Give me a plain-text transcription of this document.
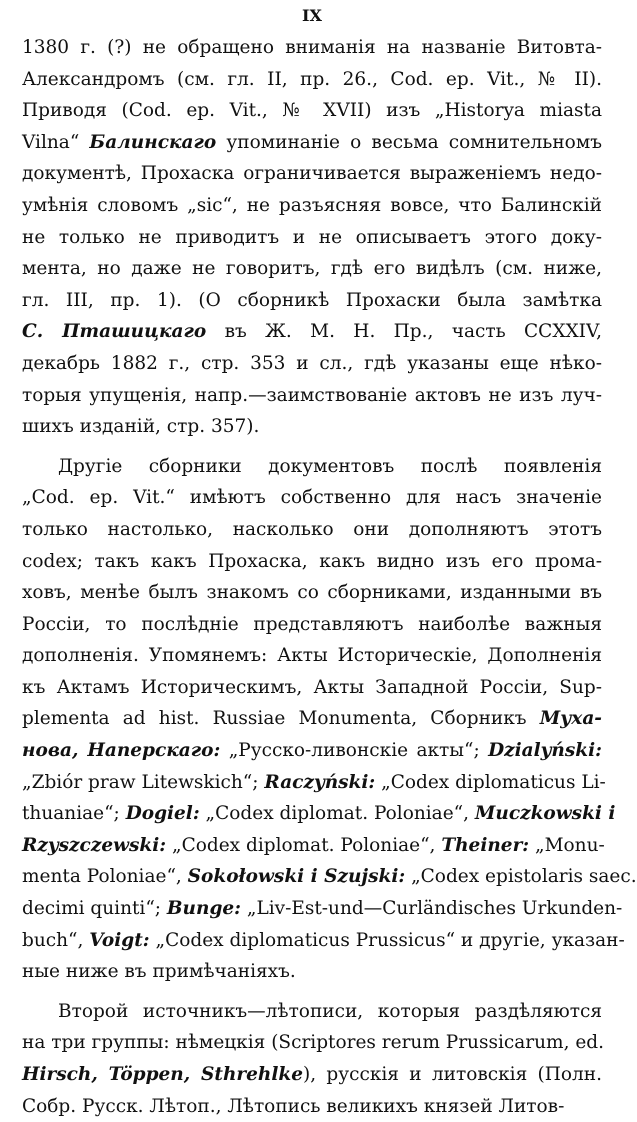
IX
1380 г. (?) не обращено вниманія на названіе Витовта-
Александромъ (см. гл. II, пр. 26., Cod. ep. Vit., № II).
Приводя (Cod. ep. Vit., № XVII) изъ „Historya miasta
Vilna“ Балинскаго упоминаніе о весьма сомнительномъ
документѣ, Прохаска ограничивается выраженіемъ недо-
умѣнія словомъ „sic“, не разъясняя вовсе, что Балинскій
не только не приводитъ и не описываетъ этого доку-
мента, но даже не говоритъ, гдѣ его видѣлъ (см. ниже,
гл. III, пр. 1). (О сборникѣ Прохаски была замѣтка
С. Пташицкаго въ Ж. М. Н. Пр., часть CCXXIV,
декабрь 1882 г., стр. 353 и сл., гдѣ указаны еще нѣко-
торыя упущенія, напр.—заимствованіе актовъ не изъ луч-
шихъ изданій, стр. 357).
Другіе сборники документовъ послѣ появленія
„Cod. ep. Vit.“ имѣютъ собственно для насъ значеніе
только настолько, насколько они дополняютъ этотъ
codex; такъ какъ Прохаска, какъ видно изъ его промa-
ховъ, менѣе былъ знакомъ со сборниками, изданными въ
Россіи, то послѣдніе представляютъ наиболѣе важныя
дополненія. Упомянемъ: Акты Историческіе, Дополненія
къ Актамъ Историческимъ, Акты Западной Россіи, Sup-
plementa ad hist. Russiae Monumenta, Сборникъ Муха-
нова, Наперскаго: „Русско-ливонскіе акты“; Dzialyński:
„Zbiór praw Litewskich“; Raczyński: „Codex diplomaticus Li-
thuaniae“; Dogiel: „Codex diplomat. Poloniae“, Muczkowski i
Rzyszczewski: „Codex diplomat. Poloniae“, Theiner: „Monu-
menta Poloniae“, Sokołowski i Szujski: „Codex epistolaris saec.
decimi quinti“; Bunge: „Liv-Est-und—Curländisches Urkunden-
buch“, Voigt: „Codex diplomaticus Prussicus“ и другіе, указан-
ные ниже въ примѣчаніяхъ.
Второй источникъ—лѣтописи, которыя раздѣляются
на три группы: нѣмецкія (Scriptores rerum Prussicarum, ed.
Hirsch, Töppen, Sthrehlke), русскія и литовскія (Полн.
Собр. Русск. Лѣтоп., Лѣтопись великихъ князей Литов-
